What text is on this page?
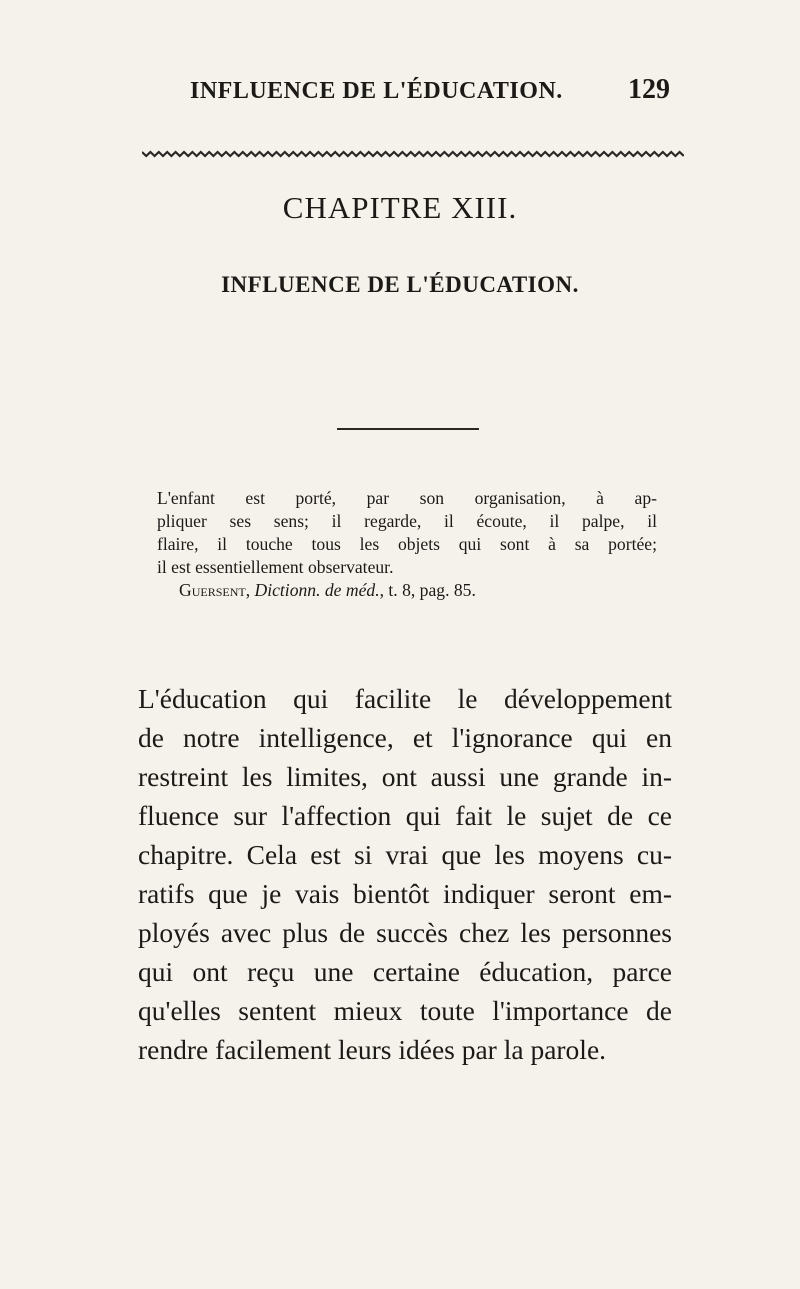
INFLUENCE DE L'ÉDUCATION. 129
CHAPITRE XIII.
INFLUENCE DE L'ÉDUCATION.
L'enfant est porté, par son organisation, à ap-
pliquer ses sens; il regarde, il écoute, il palpe, il
flaire, il touche tous les objets qui sont à sa portée;
il est essentiellement observateur.
Guersent, Dictionn. de méd., t. 8, pag. 85.
L'éducation qui facilite le développement
de notre intelligence, et l'ignorance qui en
restreint les limites, ont aussi une grande in-
fluence sur l'affection qui fait le sujet de ce
chapitre. Cela est si vrai que les moyens cu-
ratifs que je vais bientôt indiquer seront em-
ployés avec plus de succès chez les personnes
qui ont reçu une certaine éducation, parce
qu'elles sentent mieux toute l'importance de
rendre facilement leurs idées par la parole.
